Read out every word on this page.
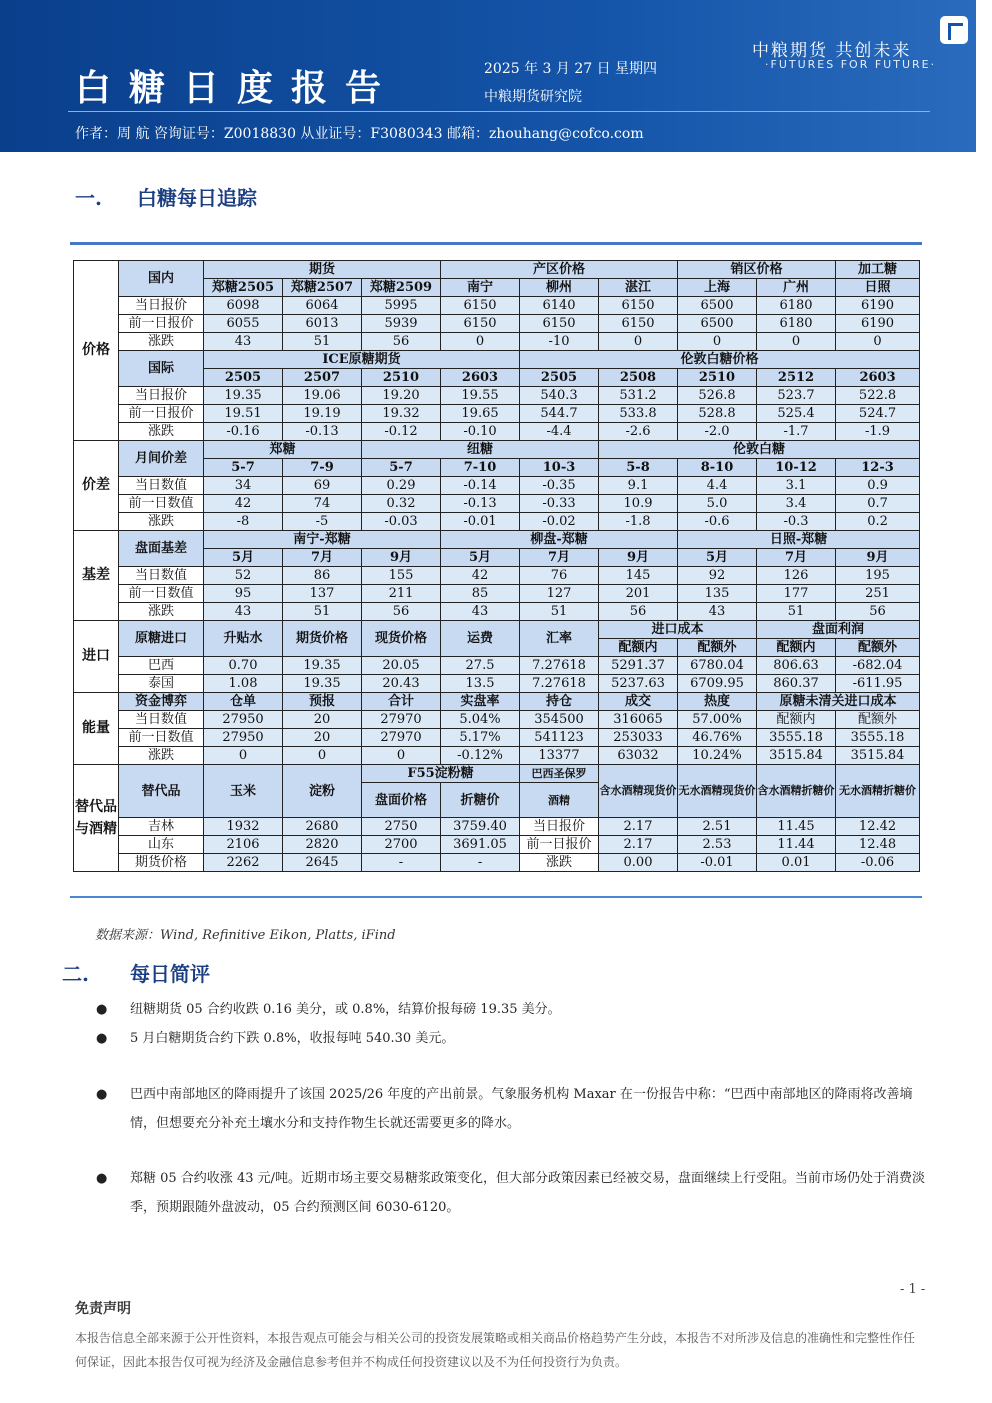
白糖日度报告	2025 年 3 月 27 日 星期四
中粮期货研究院
中粮期货 共创未来
·FUTURES FOR FUTURE·
作者：周 航 咨询证号：Z0018830 从业证号：F3080343 邮箱：zhouhang@cofco.com
一. 白糖每日追踪
价格	国内	期货			产区价格			销区价格		加工糖
		郑糖2505	郑糖2507	郑糖2509	南宁	柳州	湛江	上海	广州	日照
	当日报价	6098	6064	5995	6150	6140	6150	6500	6180	6190
	前一日报价	6055	6013	5939	6150	6150	6150	6500	6180	6190
	涨跌	43	51	56	0	-10	0	0	0	0
	国际	ICE原糖期货				伦敦白糖价格				
		2505	2507	2510	2603	2505	2508	2510	2512	2603
	当日报价	19.35	19.06	19.20	19.55	540.3	531.2	526.8	523.7	522.8
	前一日报价	19.51	19.19	19.32	19.65	544.7	533.8	528.8	525.4	524.7
	涨跌	-0.16	-0.13	-0.12	-0.10	-4.4	-2.6	-2.0	-1.7	-1.9
价差	月间价差	郑糖		纽糖			伦敦白糖			
		5-7	7-9	5-7	7-10	10-3	5-8	8-10	10-12	12-3
	当日数值	34	69	0.29	-0.14	-0.35	9.1	4.4	3.1	0.9
	前一日数值	42	74	0.32	-0.13	-0.33	10.9	5.0	3.4	0.7
	涨跌	-8	-5	-0.03	-0.01	-0.02	-1.8	-0.6	-0.3	0.2
基差	盘面基差	南宁-郑糖			柳盘-郑糖			日照-郑糖		
		5月	7月	9月	5月	7月	9月	5月	7月	9月
	当日数值	52	86	155	42	76	145	92	126	195
	前一日数值	95	137	211	85	127	201	135	177	251
	涨跌	43	51	56	43	51	56	43	51	56
进口	原糖进口	升贴水	期货价格	现货价格	运费	汇率	进口成本		盘面利润	
							配额内	配额外	配额内	配额外
	巴西	0.70	19.35	20.05	27.5	7.27618	5291.37	6780.04	806.63	-682.04
	泰国	1.08	19.35	20.43	13.5	7.27618	5237.63	6709.95	860.37	-611.95
能量	资金博弈	仓单	预报	合计	实盘率	持仓	成交	热度	原糖未清关进口成本	
	当日数值	27950	20	27970	5.04%	354500	316065	57.00%	配额内	配额外
	前一日数值	27950	20	27970	5.17%	541123	253033	46.76%	3555.18	3555.18
	涨跌	0	0	0	-0.12%	13377	63032	10.24%	3515.84	3515.84
替代品与酒精	替代品	玉米	淀粉	F55淀粉糖		巴西圣保罗	含水酒精现货价	无水酒精现货价	含水酒精折糖价	无水酒精折糖价
				盘面价格	折糖价	酒精				
	吉林	1932	2680	2750	3759.40	当日报价	2.17	2.51	11.45	12.42
	山东	2106	2820	2700	3691.05	前一日报价	2.17	2.53	11.44	12.48
	期货价格	2262	2645	-	-	涨跌	0.00	-0.01	0.01	-0.06
数据来源：Wind, Refinitive Eikon, Platts, iFind
二. 每日简评
● 纽糖期货 05 合约收跌 0.16 美分，或 0.8%，结算价报每磅 19.35 美分。
● 5 月白糖期货合约下跌 0.8%，收报每吨 540.30 美元。
● 巴西中南部地区的降雨提升了该国 2025/26 年度的产出前景。气象服务机构 Maxar 在一份报告中称：“巴西中南部地区的降雨将改善墒情，但想要充分补充土壤水分和支持作物生长就还需要更多的降水。
● 郑糖 05 合约收涨 43 元/吨。近期市场主要交易糖浆政策变化，但大部分政策因素已经被交易，盘面继续上行受阻。当前市场仍处于消费淡季，预期跟随外盘波动，05 合约预测区间 6030-6120。
- 1 -
免责声明
本报告信息全部来源于公开性资料，本报告观点可能会与相关公司的投资发展策略或相关商品价格趋势产生分歧，本报告不对所涉及信息的准确性和完整性作任何保证，因此本报告仅可视为经济及金融信息参考但并不构成任何投资建议以及不为任何投资行为负责。
